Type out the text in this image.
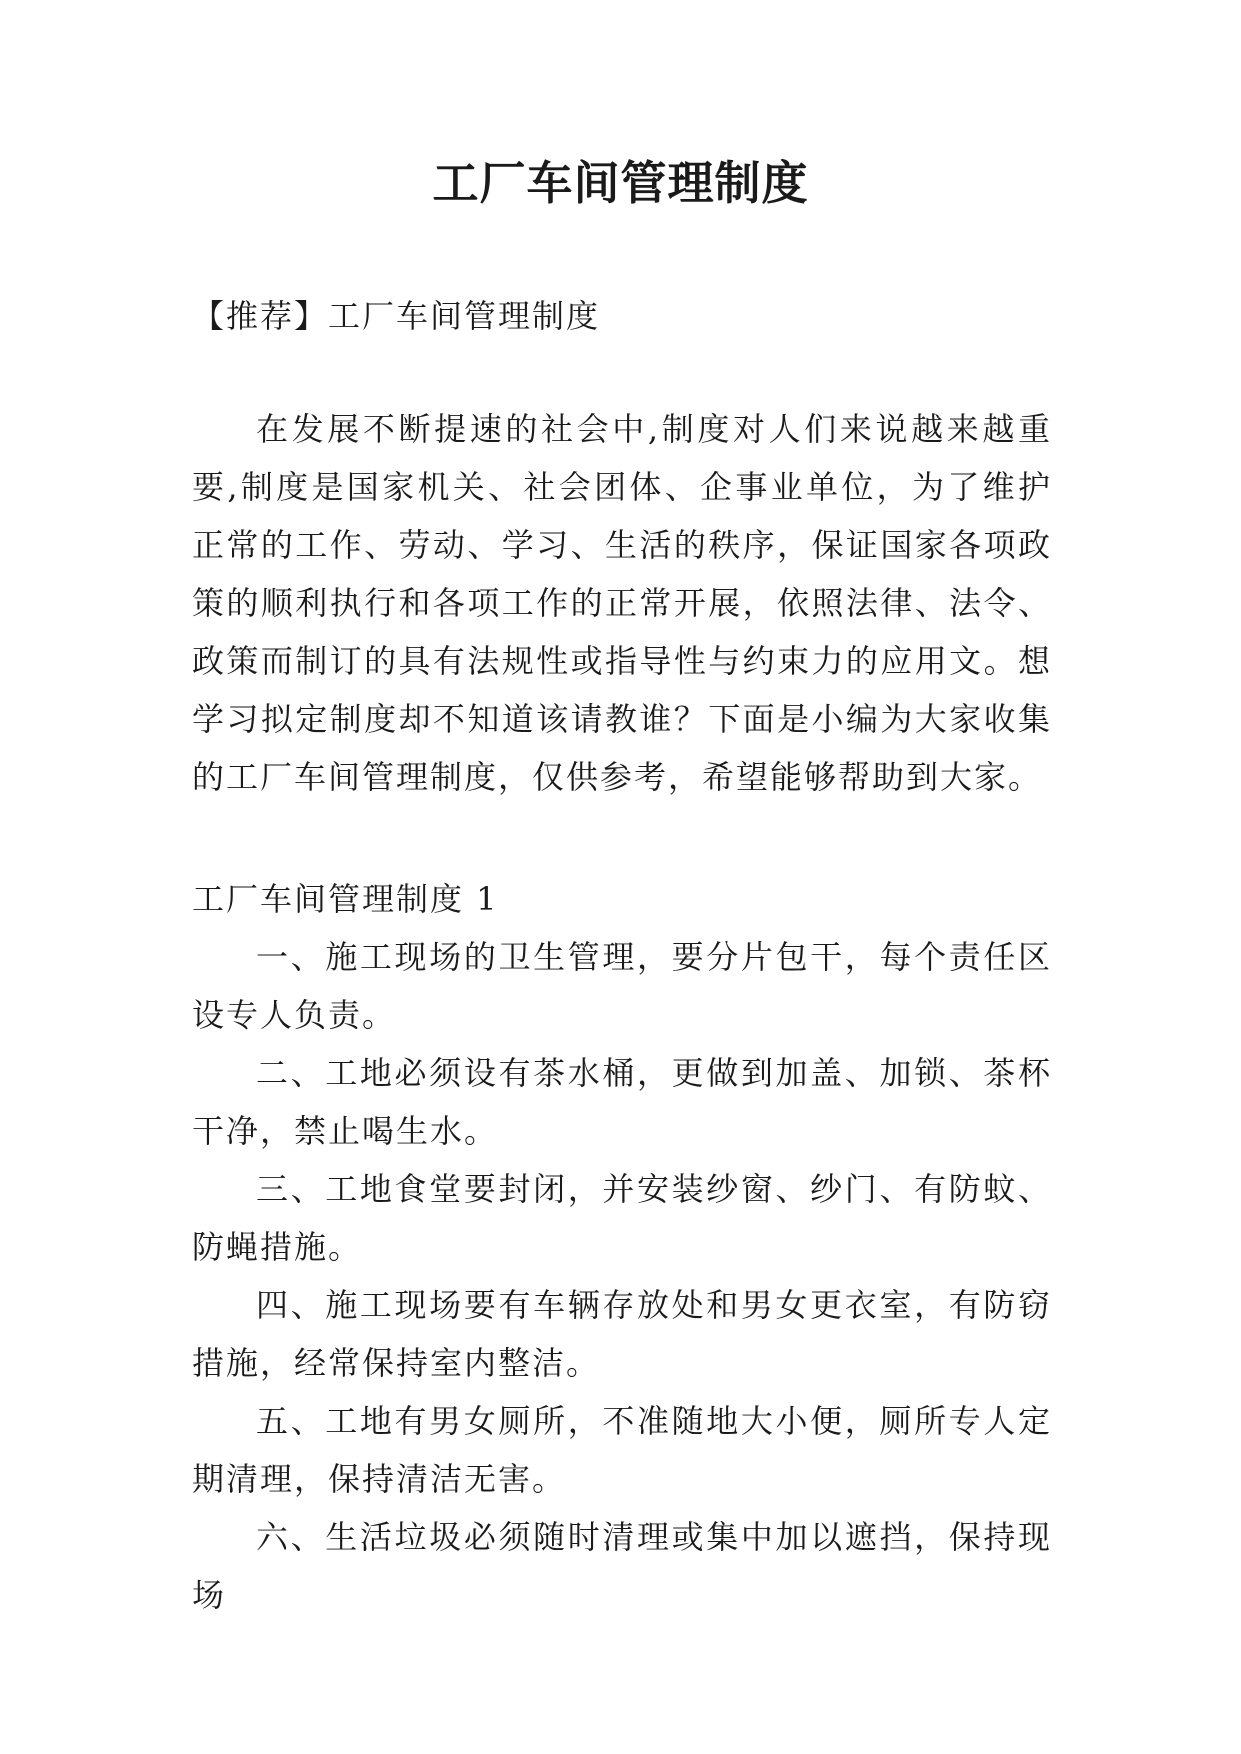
工厂车间管理制度

【推荐】工厂车间管理制度

在发展不断提速的社会中,制度对人们来说越来越重要,制度是国家机关、社会团体、企事业单位，为了维护正常的工作、劳动、学习、生活的秩序，保证国家各项政策的顺利执行和各项工作的正常开展，依照法律、法令、政策而制订的具有法规性或指导性与约束力的应用文。想学习拟定制度却不知道该请教谁？下面是小编为大家收集的工厂车间管理制度，仅供参考，希望能够帮助到大家。

工厂车间管理制度 1

一、施工现场的卫生管理，要分片包干，每个责任区设专人负责。
二、工地必须设有茶水桶，更做到加盖、加锁、茶杯干净，禁止喝生水。
三、工地食堂要封闭，并安装纱窗、纱门、有防蚊、防蝇措施。
四、施工现场要有车辆存放处和男女更衣室，有防窃措施，经常保持室内整洁。
五、工地有男女厕所，不准随地大小便，厕所专人定期清理，保持清洁无害。
六、生活垃圾必须随时清理或集中加以遮挡，保持现场
